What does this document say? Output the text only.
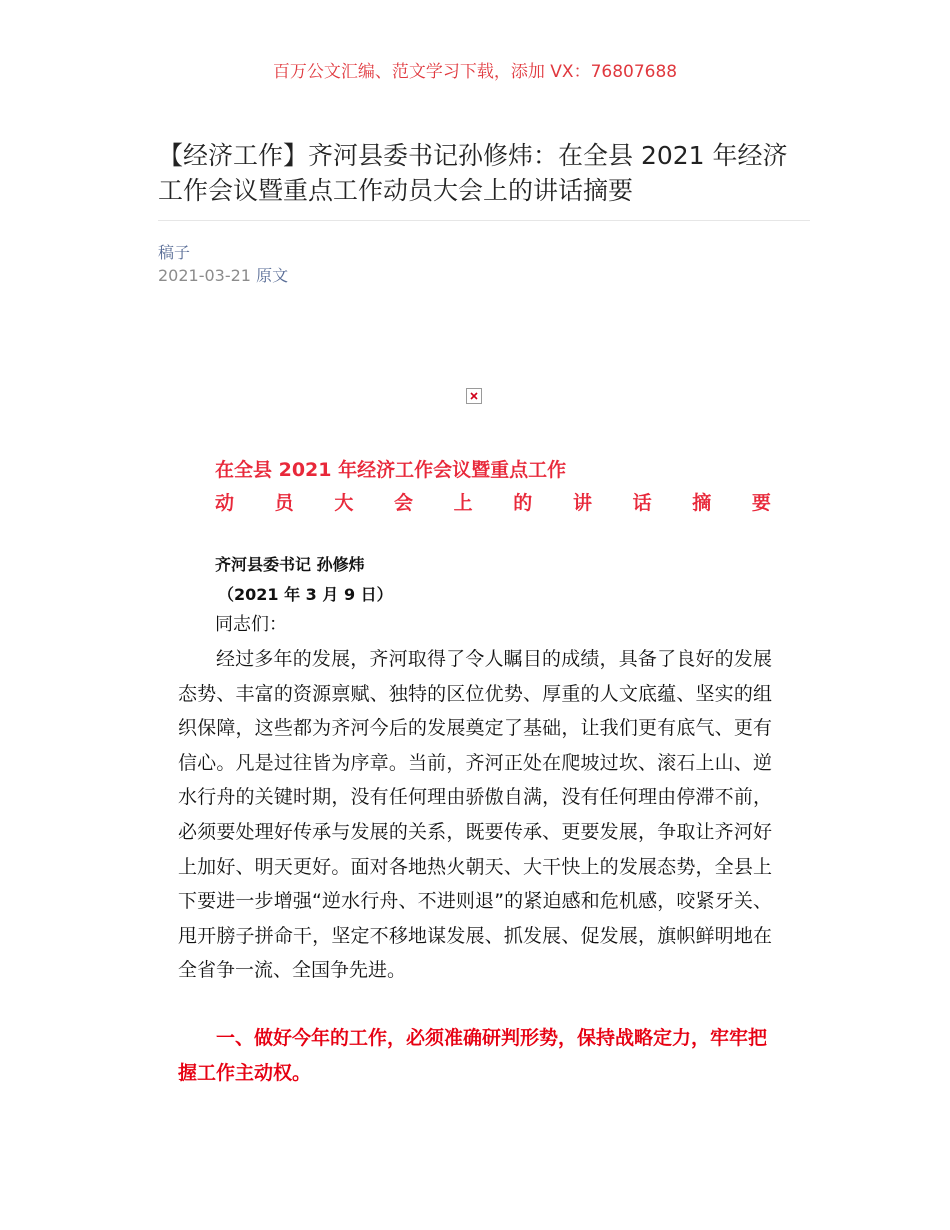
百万公文汇编、范文学习下载，添加 VX：76807688
【经济工作】齐河县委书记孙修炜：在全县 2021 年经济工作会议暨重点工作动员大会上的讲话摘要
稿子
2021-03-21 原文
在全县 2021 年经济工作会议暨重点工作
动 员 大 会 上 的 讲 话 摘 要
齐河县委书记 孙修炜
（2021 年 3 月 9 日）
同志们：

经过多年的发展，齐河取得了令人瞩目的成绩，具备了良好的发展态势、丰富的资源禀赋、独特的区位优势、厚重的人文底蕴、坚实的组织保障，这些都为齐河今后的发展奠定了基础，让我们更有底气、更有信心。凡是过往皆为序章。当前，齐河正处在爬坡过坎、滚石上山、逆水行舟的关键时期，没有任何理由骄傲自满，没有任何理由停滞不前，必须要处理好传承与发展的关系，既要传承、更要发展，争取让齐河好上加好、明天更好。面对各地热火朝天、大干快上的发展态势，全县上下要进一步增强“逆水行舟、不进则退”的紧迫感和危机感，咬紧牙关、甩开膀子拼命干，坚定不移地谋发展、抓发展、促发展，旗帜鲜明地在全省争一流、全国争先进。

一、做好今年的工作，必须准确研判形势，保持战略定力，牢牢把握工作主动权。
